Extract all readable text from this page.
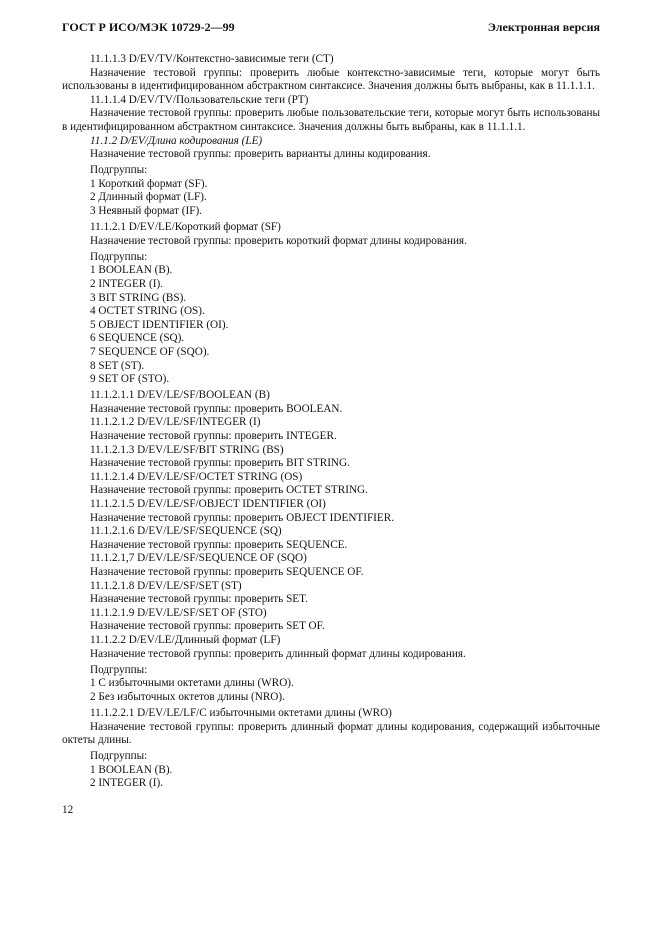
ГОСТ Р ИСО/МЭК 10729-2—99	Электронная версия

11.1.1.3 D/EV/TV/Контекстно-зависимые теги (CT)

Назначение тестовой группы: проверить любые контекстно-зависимые теги, которые могут быть использованы в идентифицированном абстрактном синтаксисе. Значения должны быть выбраны, как в 11.1.1.1.

11.1.1.4 D/EV/TV/Пользовательские теги (PT)

Назначение тестовой группы: проверить любые пользовательские теги, которые могут быть использованы в идентифицированном абстрактном синтаксисе. Значения должны быть выбраны, как в 11.1.1.1.

11.1.2 D/EV/Длина кодирования (LE)

Назначение тестовой группы: проверить варианты длины кодирования.

Подгруппы:

1 Короткий формат (SF).

2 Длинный формат (LF).

3 Неявный формат (IF).

11.1.2.1 D/EV/LE/Короткий формат (SF)

Назначение тестовой группы: проверить короткий формат длины кодирования.

Подгруппы:

1 BOOLEAN (B).

2 INTEGER (I).

3 BIT STRING (BS).

4 OCTET STRING (OS).

5 OBJECT IDENTIFIER (OI).

6 SEQUENCE (SQ).

7 SEQUENCE OF (SQO).

8 SET (ST).

9 SET OF (STO).

11.1.2.1.1 D/EV/LE/SF/BOOLEAN (B)

Назначение тестовой группы: проверить BOOLEAN.

11.1.2.1.2 D/EV/LE/SF/INTEGER (I)

Назначение тестовой группы: проверить INTEGER.

11.1.2.1.3 D/EV/LE/SF/BIT STRING (BS)

Назначение тестовой группы: проверить BIT STRING.

11.1.2.1.4 D/EV/LE/SF/OCTET STRING (OS)

Назначение тестовой группы: проверить OCTET STRING.

11.1.2.1.5 D/EV/LE/SF/OBJECT IDENTIFIER (OI)

Назначение тестовой группы: проверить OBJECT IDENTIFIER.

11.1.2.1.6 D/EV/LE/SF/SEQUENCE (SQ)

Назначение тестовой группы: проверить SEQUENCE.

11.1.2.1,7 D/EV/LE/SF/SEQUENCE OF (SQO)

Назначение тестовой группы: проверить SEQUENCE OF.

11.1.2.1.8 D/EV/LE/SF/SET (ST)

Назначение тестовой группы: проверить SET.

11.1.2.1.9 D/EV/LE/SF/SET OF (STO)

Назначение тестовой группы: проверить SET OF.

11.1.2.2 D/EV/LE/Длинный формат (LF)

Назначение тестовой группы: проверить длинный формат длины кодирования.

Подгруппы:

1 С избыточными октетами длины (WRO).

2 Без избыточных октетов длины (NRO).

11.1.2.2.1 D/EV/LE/LF/С избыточными октетами длины (WRO)

Назначение тестовой группы: проверить длинный формат длины кодирования, содержащий избыточные октеты длины.

Подгруппы:

1 BOOLEAN (B).

2 INTEGER (I).

12
